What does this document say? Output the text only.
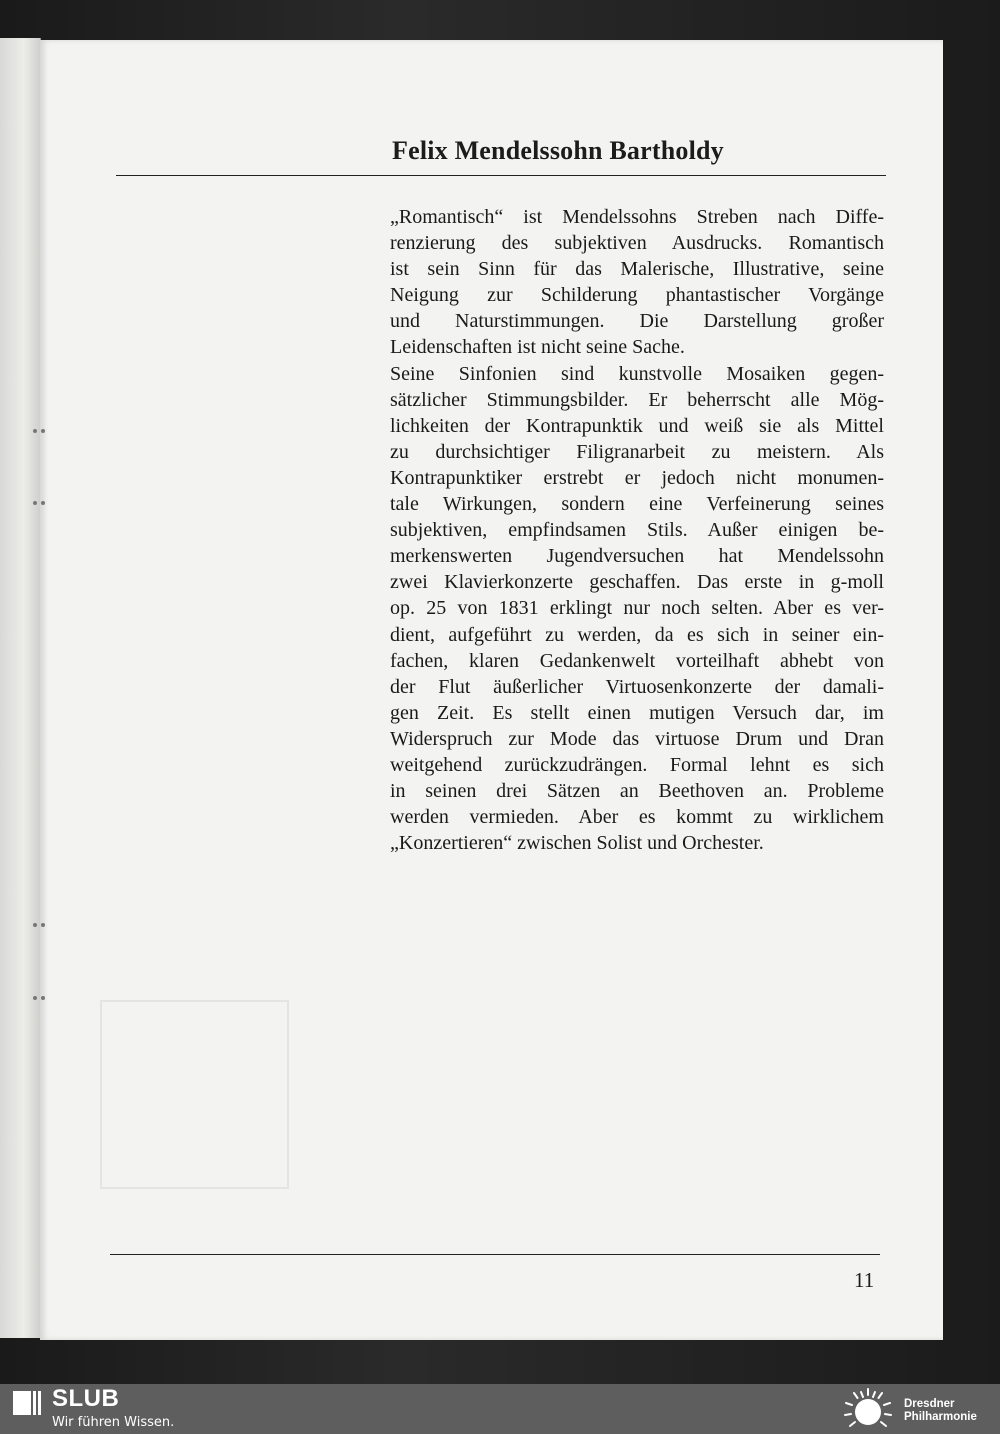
Felix Mendelssohn Bartholdy
„Romantisch“ ist Mendelssohns Streben nach Diffe-
renzierung des subjektiven Ausdrucks. Romantisch
ist sein Sinn für das Malerische, Illustrative, seine
Neigung zur Schilderung phantastischer Vorgänge
und Naturstimmungen. Die Darstellung großer
Leidenschaften ist nicht seine Sache.
Seine Sinfonien sind kunstvolle Mosaiken gegen-
sätzlicher Stimmungsbilder. Er beherrscht alle Mög-
lichkeiten der Kontrapunktik und weiß sie als Mittel
zu durchsichtiger Filigranarbeit zu meistern. Als
Kontrapunktiker erstrebt er jedoch nicht monumen-
tale Wirkungen, sondern eine Verfeinerung seines
subjektiven, empfindsamen Stils. Außer einigen be-
merkenswerten Jugendversuchen hat Mendelssohn
zwei Klavierkonzerte geschaffen. Das erste in g-moll
op. 25 von 1831 erklingt nur noch selten. Aber es ver-
dient, aufgeführt zu werden, da es sich in seiner ein-
fachen, klaren Gedankenwelt vorteilhaft abhebt von
der Flut äußerlicher Virtuosenkonzerte der damali-
gen Zeit. Es stellt einen mutigen Versuch dar, im
Widerspruch zur Mode das virtuose Drum und Dran
weitgehend zurückzudrängen. Formal lehnt es sich
in seinen drei Sätzen an Beethoven an. Probleme
werden vermieden. Aber es kommt zu wirklichem
„Konzertieren“ zwischen Solist und Orchester.
11
SLUB
Wir führen Wissen.
Dresdner
Philharmonie
